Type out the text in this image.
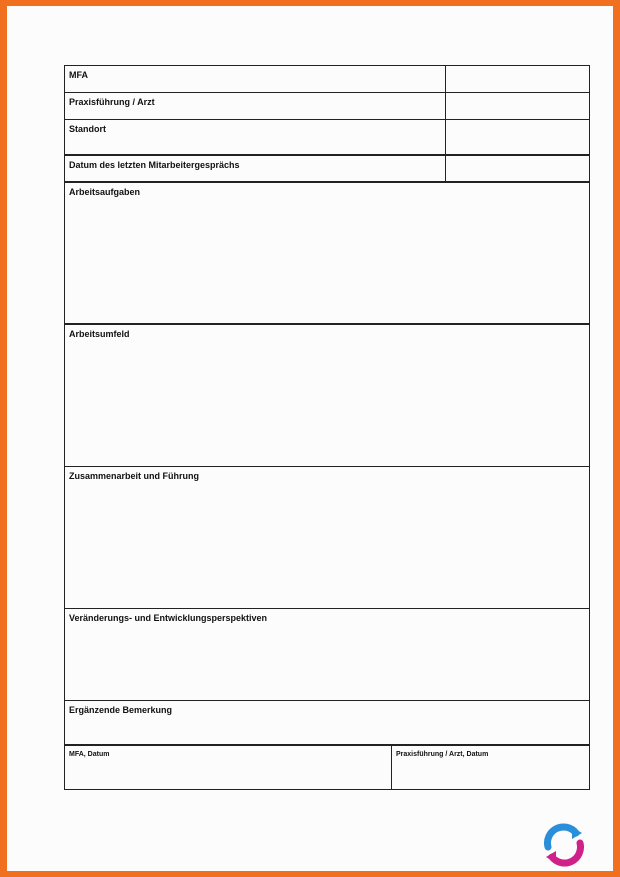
MFA
Praxisführung / Arzt
Standort
Datum des letzten Mitarbeitergesprächs
Arbeitsaufgaben
Arbeitsumfeld
Zusammenarbeit und Führung
Veränderungs- und Entwicklungsperspektiven
Ergänzende Bemerkung
MFA, Datum	Praxisführung / Arzt, Datum
